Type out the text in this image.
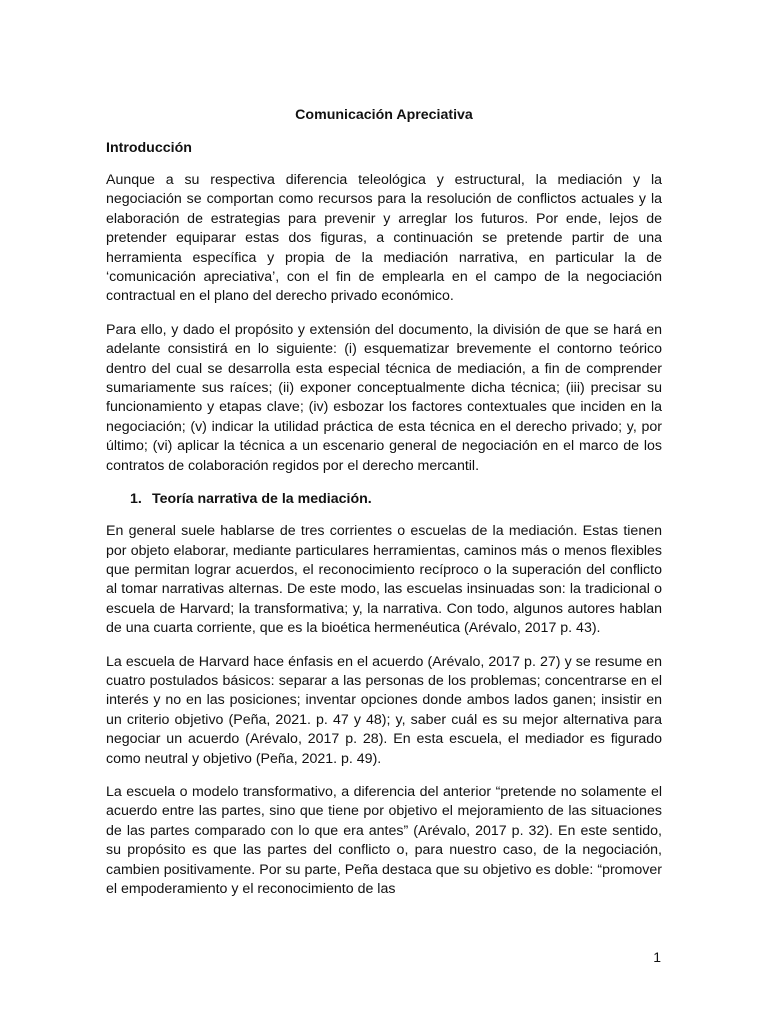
Comunicación Apreciativa
Introducción

Aunque a su respectiva diferencia teleológica y estructural, la mediación y la negociación se comportan como recursos para la resolución de conflictos actuales y la elaboración de estrategias para prevenir y arreglar los futuros. Por ende, lejos de pretender equiparar estas dos figuras, a continuación se pretende partir de una herramienta específica y propia de la mediación narrativa, en particular la de ‘comunicación apreciativa’, con el fin de emplearla en el campo de la negociación contractual en el plano del derecho privado económico.

Para ello, y dado el propósito y extensión del documento, la división de que se hará en adelante consistirá en lo siguiente: (i) esquematizar brevemente el contorno teórico dentro del cual se desarrolla esta especial técnica de mediación, a fin de comprender sumariamente sus raíces; (ii) exponer conceptualmente dicha técnica; (iii) precisar su funcionamiento y etapas clave; (iv) esbozar los factores contextuales que inciden en la negociación; (v) indicar la utilidad práctica de esta técnica en el derecho privado; y, por último; (vi) aplicar la técnica a un escenario general de negociación en el marco de los contratos de colaboración regidos por el derecho mercantil.

1. Teoría narrativa de la mediación.

En general suele hablarse de tres corrientes o escuelas de la mediación. Estas tienen por objeto elaborar, mediante particulares herramientas, caminos más o menos flexibles que permitan lograr acuerdos, el reconocimiento recíproco o la superación del conflicto al tomar narrativas alternas. De este modo, las escuelas insinuadas son: la tradicional o escuela de Harvard; la transformativa; y, la narrativa. Con todo, algunos autores hablan de una cuarta corriente, que es la bioética hermenéutica (Arévalo, 2017 p. 43).

La escuela de Harvard hace énfasis en el acuerdo (Arévalo, 2017 p. 27) y se resume en cuatro postulados básicos: separar a las personas de los problemas; concentrarse en el interés y no en las posiciones; inventar opciones donde ambos lados ganen; insistir en un criterio objetivo (Peña, 2021. p. 47 y 48); y, saber cuál es su mejor alternativa para negociar un acuerdo (Arévalo, 2017 p. 28). En esta escuela, el mediador es figurado como neutral y objetivo (Peña, 2021. p. 49).

La escuela o modelo transformativo, a diferencia del anterior “pretende no solamente el acuerdo entre las partes, sino que tiene por objetivo el mejoramiento de las situaciones de las partes comparado con lo que era antes” (Arévalo, 2017 p. 32). En este sentido, su propósito es que las partes del conflicto o, para nuestro caso, de la negociación, cambien positivamente. Por su parte, Peña destaca que su objetivo es doble: “promover el empoderamiento y el reconocimiento de las

1
